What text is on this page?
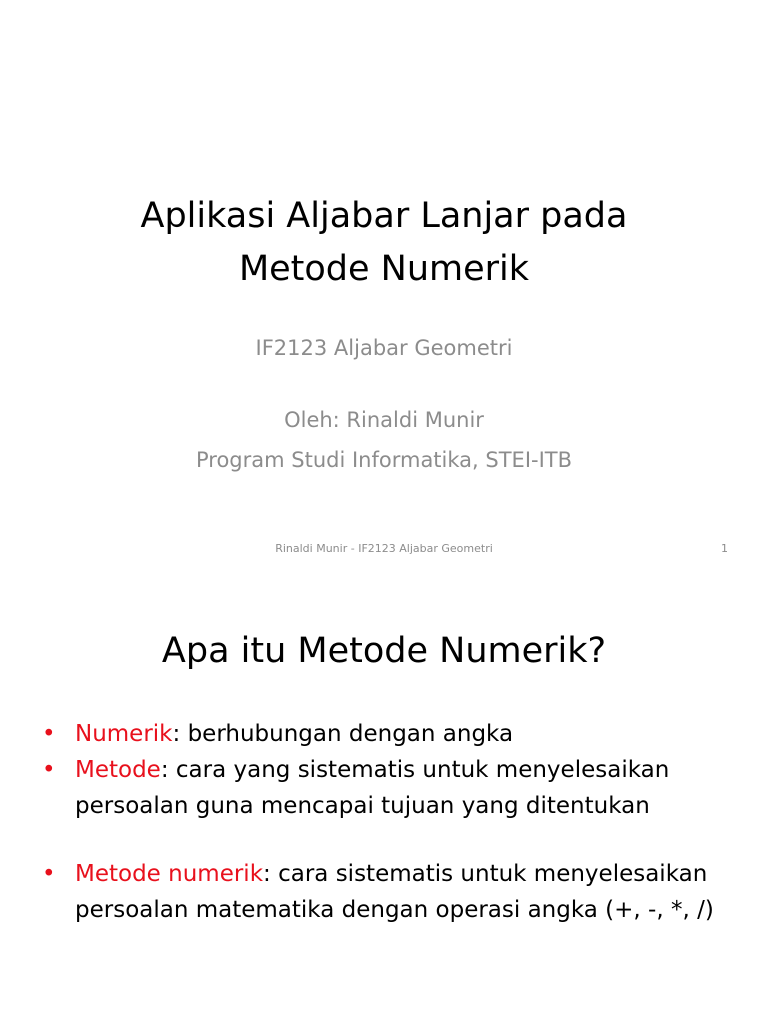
Aplikasi Aljabar Lanjar pada
Metode Numerik
IF2123 Aljabar Geometri
Oleh: Rinaldi Munir
Program Studi Informatika, STEI-ITB
Rinaldi Munir - IF2123 Aljabar Geometri	1
Apa itu Metode Numerik?
• Numerik: berhubungan dengan angka
• Metode: cara yang sistematis untuk menyelesaikan persoalan guna mencapai tujuan yang ditentukan
• Metode numerik: cara sistematis untuk menyelesaikan persoalan matematika dengan operasi angka (+, -, *, /)
